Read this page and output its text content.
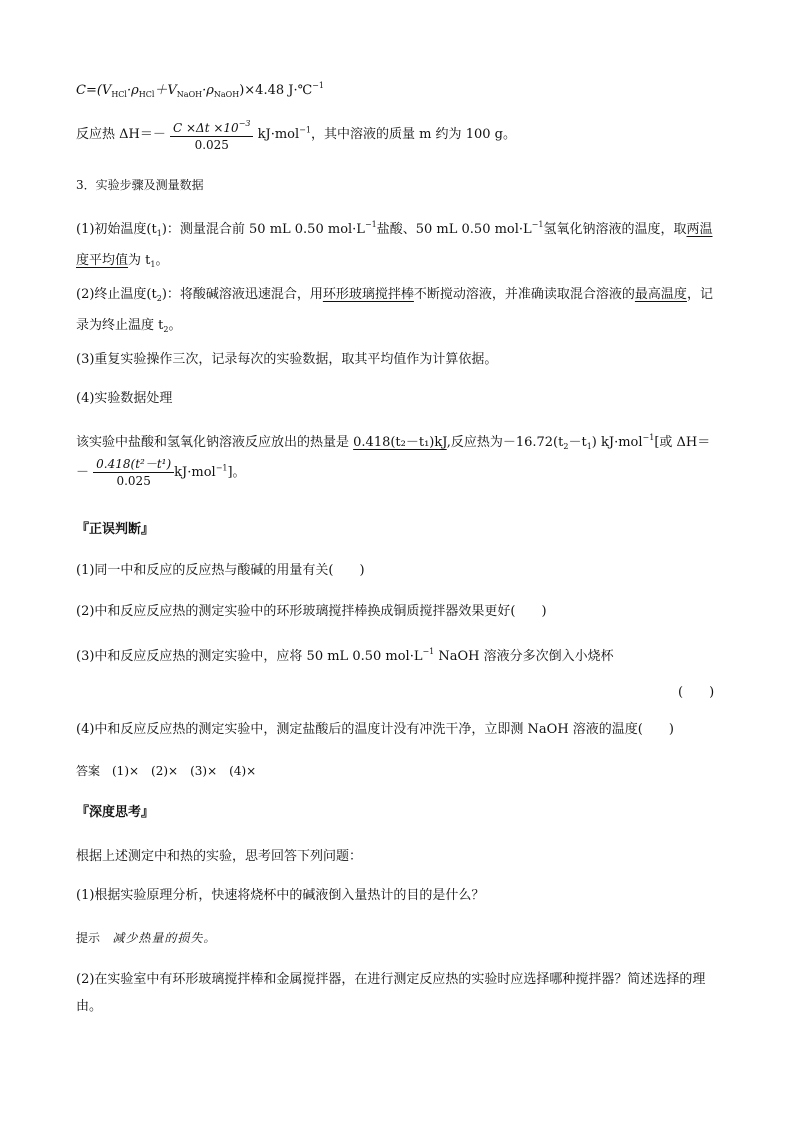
$C=(V_{HCl}\cdot\rho_{HCl}+V_{NaOH}\cdot\rho_{NaOH})\times 4.48$ J·℃$^{-1}$
反应热 $\Delta H=- \frac{C \times\Delta t \times 10^{-3}}{0.025} kJ\cdot mol^{-1}$，其中溶液的质量 m 约为 100 g。
3．实验步骤及测量数据
(1)初始温度$(t_1)$：测量混合前 50 mL 0.50 $mol\cdot L^{-1}$盐酸、50 mL 0.50 $mol\cdot L^{-1}$氢氧化钠溶液的温度，取两温度平均值为 $t_1$。
(2)终止温度$(t_2)$：将酸碱溶液迅速混合，用环形玻璃搅拌棒不断搅动溶液，并准确读取混合溶液的最高温度，记录为终止温度 $t_2$。
(3)重复实验操作三次，记录每次的实验数据，取其平均值作为计算依据。
(4)实验数据处理
该实验中盐酸和氢氧化钠溶液反应放出的热量是 0.418(t₂－t₁)kJ,反应热为$-16.72(t_2-t_1)$ kJ·mol$^{-1}$[或 ΔH＝
－ $\frac{\text{0.418(t²－t¹)}}{0.025} kJ\cdot mol^{-1}$]。
『正误判断』
(1)同一中和反应的反应热与酸碱的用量有关(　　)
(2)中和反应反应热的测定实验中的环形玻璃搅拌棒换成铜质搅拌器效果更好(　　)
(3)中和反应反应热的测定实验中，应将 50 mL 0.50 $mol\cdot L^{-1}$ NaOH 溶液分多次倒入小烧杯
(　　)
(4)中和反应反应热的测定实验中，测定盐酸后的温度计没有冲洗干净，立即测 NaOH 溶液的温度(　　)
答案　(1)×　(2)×　(3)×　(4)×
『深度思考』
根据上述测定中和热的实验，思考回答下列问题：
(1)根据实验原理分析，快速将烧杯中的碱液倒入量热计的目的是什么？
提示 减少热量的损失。
(2)在实验室中有环形玻璃搅拌棒和金属搅拌器，在进行测定反应热的实验时应选择哪种搅拌器？简述选择的理由。
